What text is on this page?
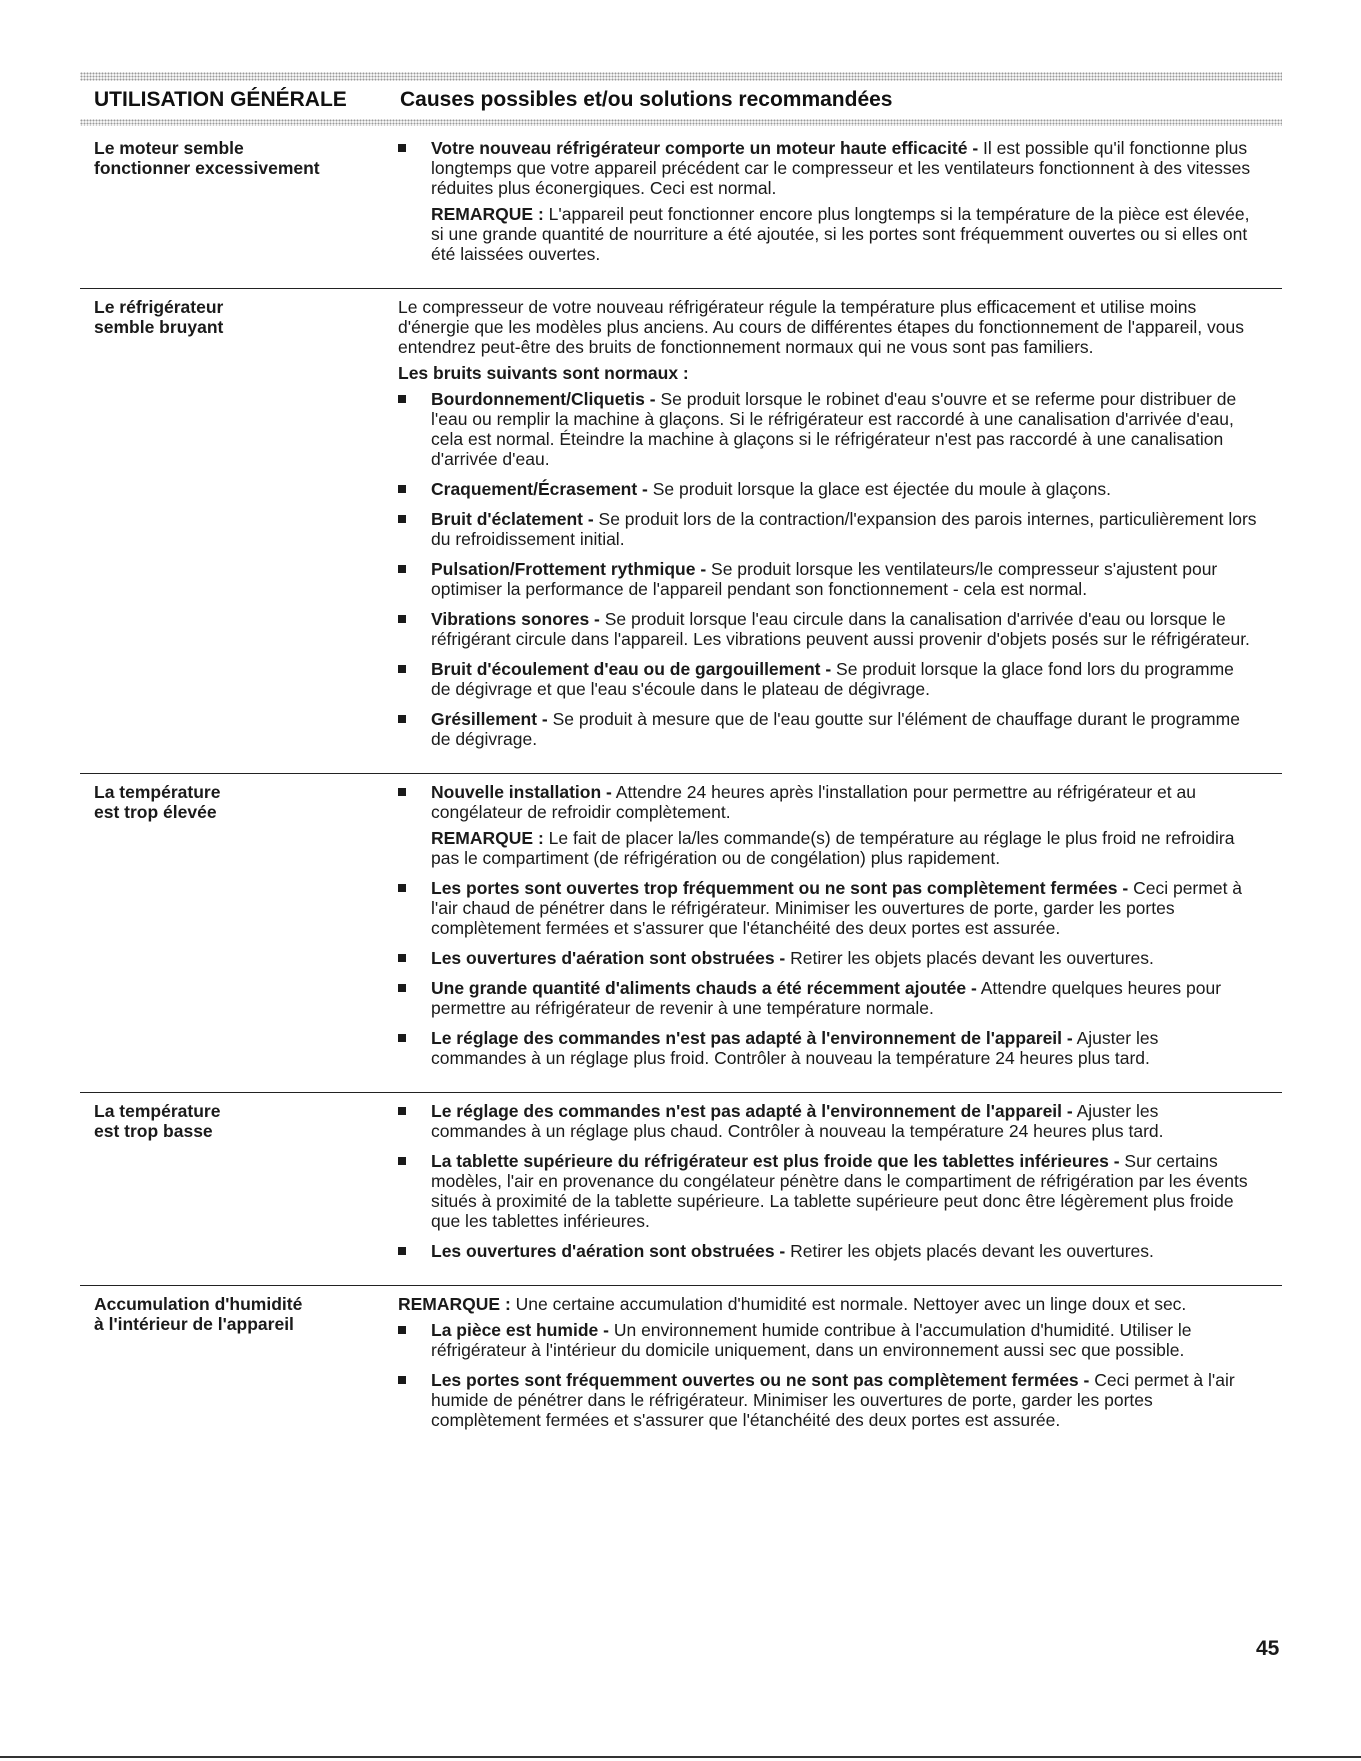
UTILISATION GÉNÉRALE	Causes possibles et/ou solutions recommandées
Le moteur semble
fonctionner excessivement
Votre nouveau réfrigérateur comporte un moteur haute efficacité - Il est possible qu'il fonctionne plus longtemps que votre appareil précédent car le compresseur et les ventilateurs fonctionnent à des vitesses réduites plus éconergiques. Ceci est normal.
REMARQUE : L'appareil peut fonctionner encore plus longtemps si la température de la pièce est élevée, si une grande quantité de nourriture a été ajoutée, si les portes sont fréquemment ouvertes ou si elles ont été laissées ouvertes.
Le réfrigérateur
semble bruyant
Le compresseur de votre nouveau réfrigérateur régule la température plus efficacement et utilise moins d'énergie que les modèles plus anciens. Au cours de différentes étapes du fonctionnement de l'appareil, vous entendrez peut-être des bruits de fonctionnement normaux qui ne vous sont pas familiers.
Les bruits suivants sont normaux :
Bourdonnement/Cliquetis - Se produit lorsque le robinet d'eau s'ouvre et se referme pour distribuer de l'eau ou remplir la machine à glaçons. Si le réfrigérateur est raccordé à une canalisation d'arrivée d'eau, cela est normal. Éteindre la machine à glaçons si le réfrigérateur n'est pas raccordé à une canalisation d'arrivée d'eau.
Craquement/Écrasement - Se produit lorsque la glace est éjectée du moule à glaçons.
Bruit d'éclatement - Se produit lors de la contraction/l'expansion des parois internes, particulièrement lors du refroidissement initial.
Pulsation/Frottement rythmique - Se produit lorsque les ventilateurs/le compresseur s'ajustent pour optimiser la performance de l'appareil pendant son fonctionnement - cela est normal.
Vibrations sonores - Se produit lorsque l'eau circule dans la canalisation d'arrivée d'eau ou lorsque le réfrigérant circule dans l'appareil. Les vibrations peuvent aussi provenir d'objets posés sur le réfrigérateur.
Bruit d'écoulement d'eau ou de gargouillement - Se produit lorsque la glace fond lors du programme de dégivrage et que l'eau s'écoule dans le plateau de dégivrage.
Grésillement - Se produit à mesure que de l'eau goutte sur l'élément de chauffage durant le programme de dégivrage.
La température
est trop élevée
Nouvelle installation - Attendre 24 heures après l'installation pour permettre au réfrigérateur et au congélateur de refroidir complètement.
REMARQUE : Le fait de placer la/les commande(s) de température au réglage le plus froid ne refroidira pas le compartiment (de réfrigération ou de congélation) plus rapidement.
Les portes sont ouvertes trop fréquemment ou ne sont pas complètement fermées - Ceci permet à l'air chaud de pénétrer dans le réfrigérateur. Minimiser les ouvertures de porte, garder les portes complètement fermées et s'assurer que l'étanchéité des deux portes est assurée.
Les ouvertures d'aération sont obstruées - Retirer les objets placés devant les ouvertures.
Une grande quantité d'aliments chauds a été récemment ajoutée - Attendre quelques heures pour permettre au réfrigérateur de revenir à une température normale.
Le réglage des commandes n'est pas adapté à l'environnement de l'appareil - Ajuster les commandes à un réglage plus froid. Contrôler à nouveau la température 24 heures plus tard.
La température
est trop basse
Le réglage des commandes n'est pas adapté à l'environnement de l'appareil - Ajuster les commandes à un réglage plus chaud. Contrôler à nouveau la température 24 heures plus tard.
La tablette supérieure du réfrigérateur est plus froide que les tablettes inférieures - Sur certains modèles, l'air en provenance du congélateur pénètre dans le compartiment de réfrigération par les évents situés à proximité de la tablette supérieure. La tablette supérieure peut donc être légèrement plus froide que les tablettes inférieures.
Les ouvertures d'aération sont obstruées - Retirer les objets placés devant les ouvertures.
Accumulation d'humidité
à l'intérieur de l'appareil
REMARQUE : Une certaine accumulation d'humidité est normale. Nettoyer avec un linge doux et sec.
La pièce est humide - Un environnement humide contribue à l'accumulation d'humidité. Utiliser le réfrigérateur à l'intérieur du domicile uniquement, dans un environnement aussi sec que possible.
Les portes sont fréquemment ouvertes ou ne sont pas complètement fermées - Ceci permet à l'air humide de pénétrer dans le réfrigérateur. Minimiser les ouvertures de porte, garder les portes complètement fermées et s'assurer que l'étanchéité des deux portes est assurée.
45
